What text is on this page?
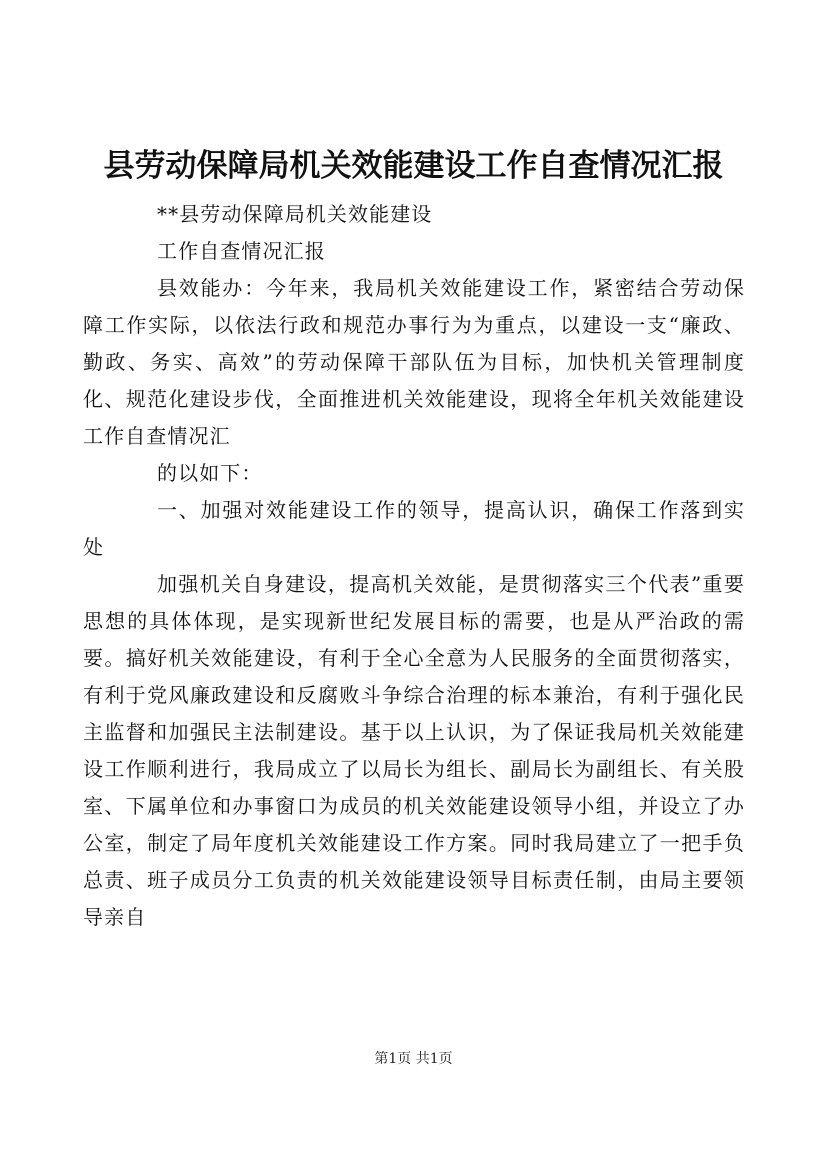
县劳动保障局机关效能建设工作自查情况汇报

**县劳动保障局机关效能建设

工作自查情况汇报

县效能办：今年来，我局机关效能建设工作，紧密结合劳动保障工作实际，以依法行政和规范办事行为为重点，以建设一支“廉政、勤政、务实、高效”的劳动保障干部队伍为目标，加快机关管理制度化、规范化建设步伐，全面推进机关效能建设，现将全年机关效能建设工作自查情况汇

的以如下：

一、加强对效能建设工作的领导，提高认识，确保工作落到实处

加强机关自身建设，提高机关效能，是贯彻落实三个代表”重要思想的具体体现，是实现新世纪发展目标的需要，也是从严治政的需要。搞好机关效能建设，有利于全心全意为人民服务的全面贯彻落实，有利于党风廉政建设和反腐败斗争综合治理的标本兼治，有利于强化民主监督和加强民主法制建设。基于以上认识，为了保证我局机关效能建设工作顺利进行，我局成立了以局长为组长、副局长为副组长、有关股室、下属单位和办事窗口为成员的机关效能建设领导小组，并设立了办公室，制定了局年度机关效能建设工作方案。同时我局建立了一把手负总责、班子成员分工负责的机关效能建设领导目标责任制，由局主要领导亲自

第1页 共1页
